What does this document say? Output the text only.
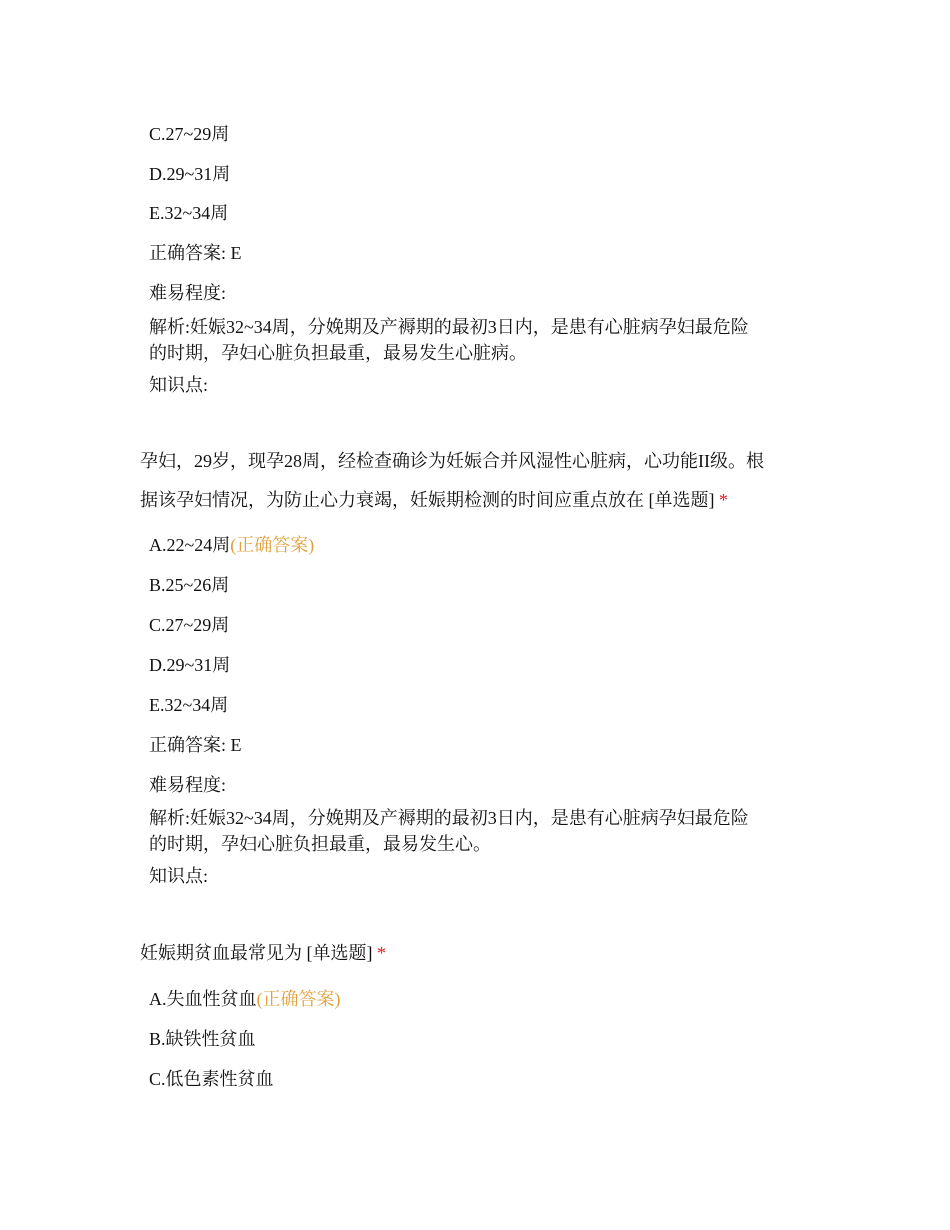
C.27~29周
D.29~31周
E.32~34周
正确答案: E
难易程度:
解析:妊娠32~34周，分娩期及产褥期的最初3日内，是患有心脏病孕妇最危险
的时期，孕妇心脏负担最重，最易发生心脏病。
知识点:
孕妇，29岁，现孕28周，经检查确诊为妊娠合并风湿性心脏病，心功能II级。根
据该孕妇情况，为防止心力衰竭，妊娠期检测的时间应重点放在 [单选题] *
A.22~24周(正确答案)
B.25~26周
C.27~29周
D.29~31周
E.32~34周
正确答案: E
难易程度:
解析:妊娠32~34周，分娩期及产褥期的最初3日内，是患有心脏病孕妇最危险
的时期，孕妇心脏负担最重，最易发生心。
知识点:
妊娠期贫血最常见为 [单选题] *
A.失血性贫血(正确答案)
B.缺铁性贫血
C.低色素性贫血
